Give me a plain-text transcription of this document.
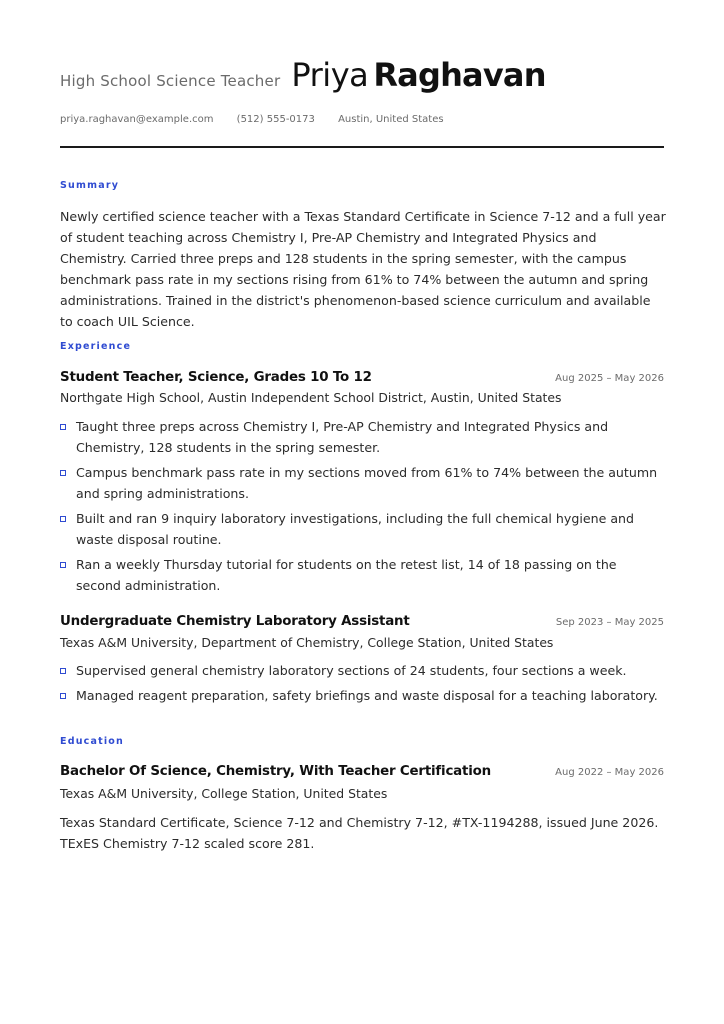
High School Science Teacher Priya Raghavan
priya.raghavan@example.com (512) 555-0173 Austin, United States
Summary
Newly certified science teacher with a Texas Standard Certificate in Science 7-12 and a full year of student teaching across Chemistry I, Pre-AP Chemistry and Integrated Physics and Chemistry. Carried three preps and 128 students in the spring semester, with the campus benchmark pass rate in my sections rising from 61% to 74% between the autumn and spring administrations. Trained in the district's phenomenon-based science curriculum and available to coach UIL Science.
Experience
Student Teacher, Science, Grades 10 To 12	Aug 2025 – May 2026
Northgate High School, Austin Independent School District, Austin, United States
Taught three preps across Chemistry I, Pre-AP Chemistry and Integrated Physics and Chemistry, 128 students in the spring semester.
Campus benchmark pass rate in my sections moved from 61% to 74% between the autumn and spring administrations.
Built and ran 9 inquiry laboratory investigations, including the full chemical hygiene and waste disposal routine.
Ran a weekly Thursday tutorial for students on the retest list, 14 of 18 passing on the second administration.
Undergraduate Chemistry Laboratory Assistant	Sep 2023 – May 2025
Texas A&M University, Department of Chemistry, College Station, United States
Supervised general chemistry laboratory sections of 24 students, four sections a week.
Managed reagent preparation, safety briefings and waste disposal for a teaching laboratory.
Education
Bachelor Of Science, Chemistry, With Teacher Certification	Aug 2022 – May 2026
Texas A&M University, College Station, United States
Texas Standard Certificate, Science 7-12 and Chemistry 7-12, #TX-1194288, issued June 2026. TExES Chemistry 7-12 scaled score 281.
